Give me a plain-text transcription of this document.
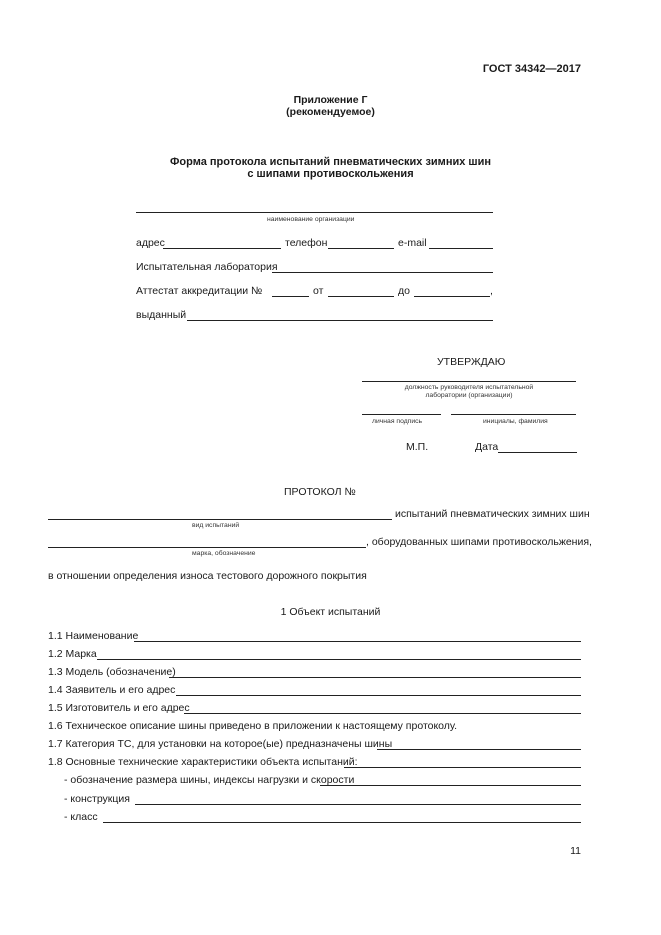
ГОСТ 34342—2017
Приложение Г
(рекомендуемое)
Форма протокола испытаний пневматических зимних шин
с шипами противоскольжения
наименование организации
адрес	телефон	e-mail
Испытательная лаборатория
Аттестат аккредитации №	от	до	,
выданный
УТВЕРЖДАЮ
должность руководителя испытательной
лаборатории (организации)
личная подпись	инициалы, фамилия
М.П.	Дата
ПРОТОКОЛ №
испытаний пневматических зимних шин
вид испытаний
, оборудованных шипами противоскольжения,
марка, обозначение
в отношении определения износа тестового дорожного покрытия
1 Объект испытаний
1.1 Наименование
1.2 Марка
1.3 Модель (обозначение)
1.4 Заявитель и его адрес
1.5 Изготовитель и его адрес
1.6 Техническое описание шины приведено в приложении к настоящему протоколу.
1.7 Категория ТС, для установки на которое(ые) предназначены шины
1.8 Основные технические характеристики объекта испытаний:
- обозначение размера шины, индексы нагрузки и скорости
- конструкция
- класс
11
